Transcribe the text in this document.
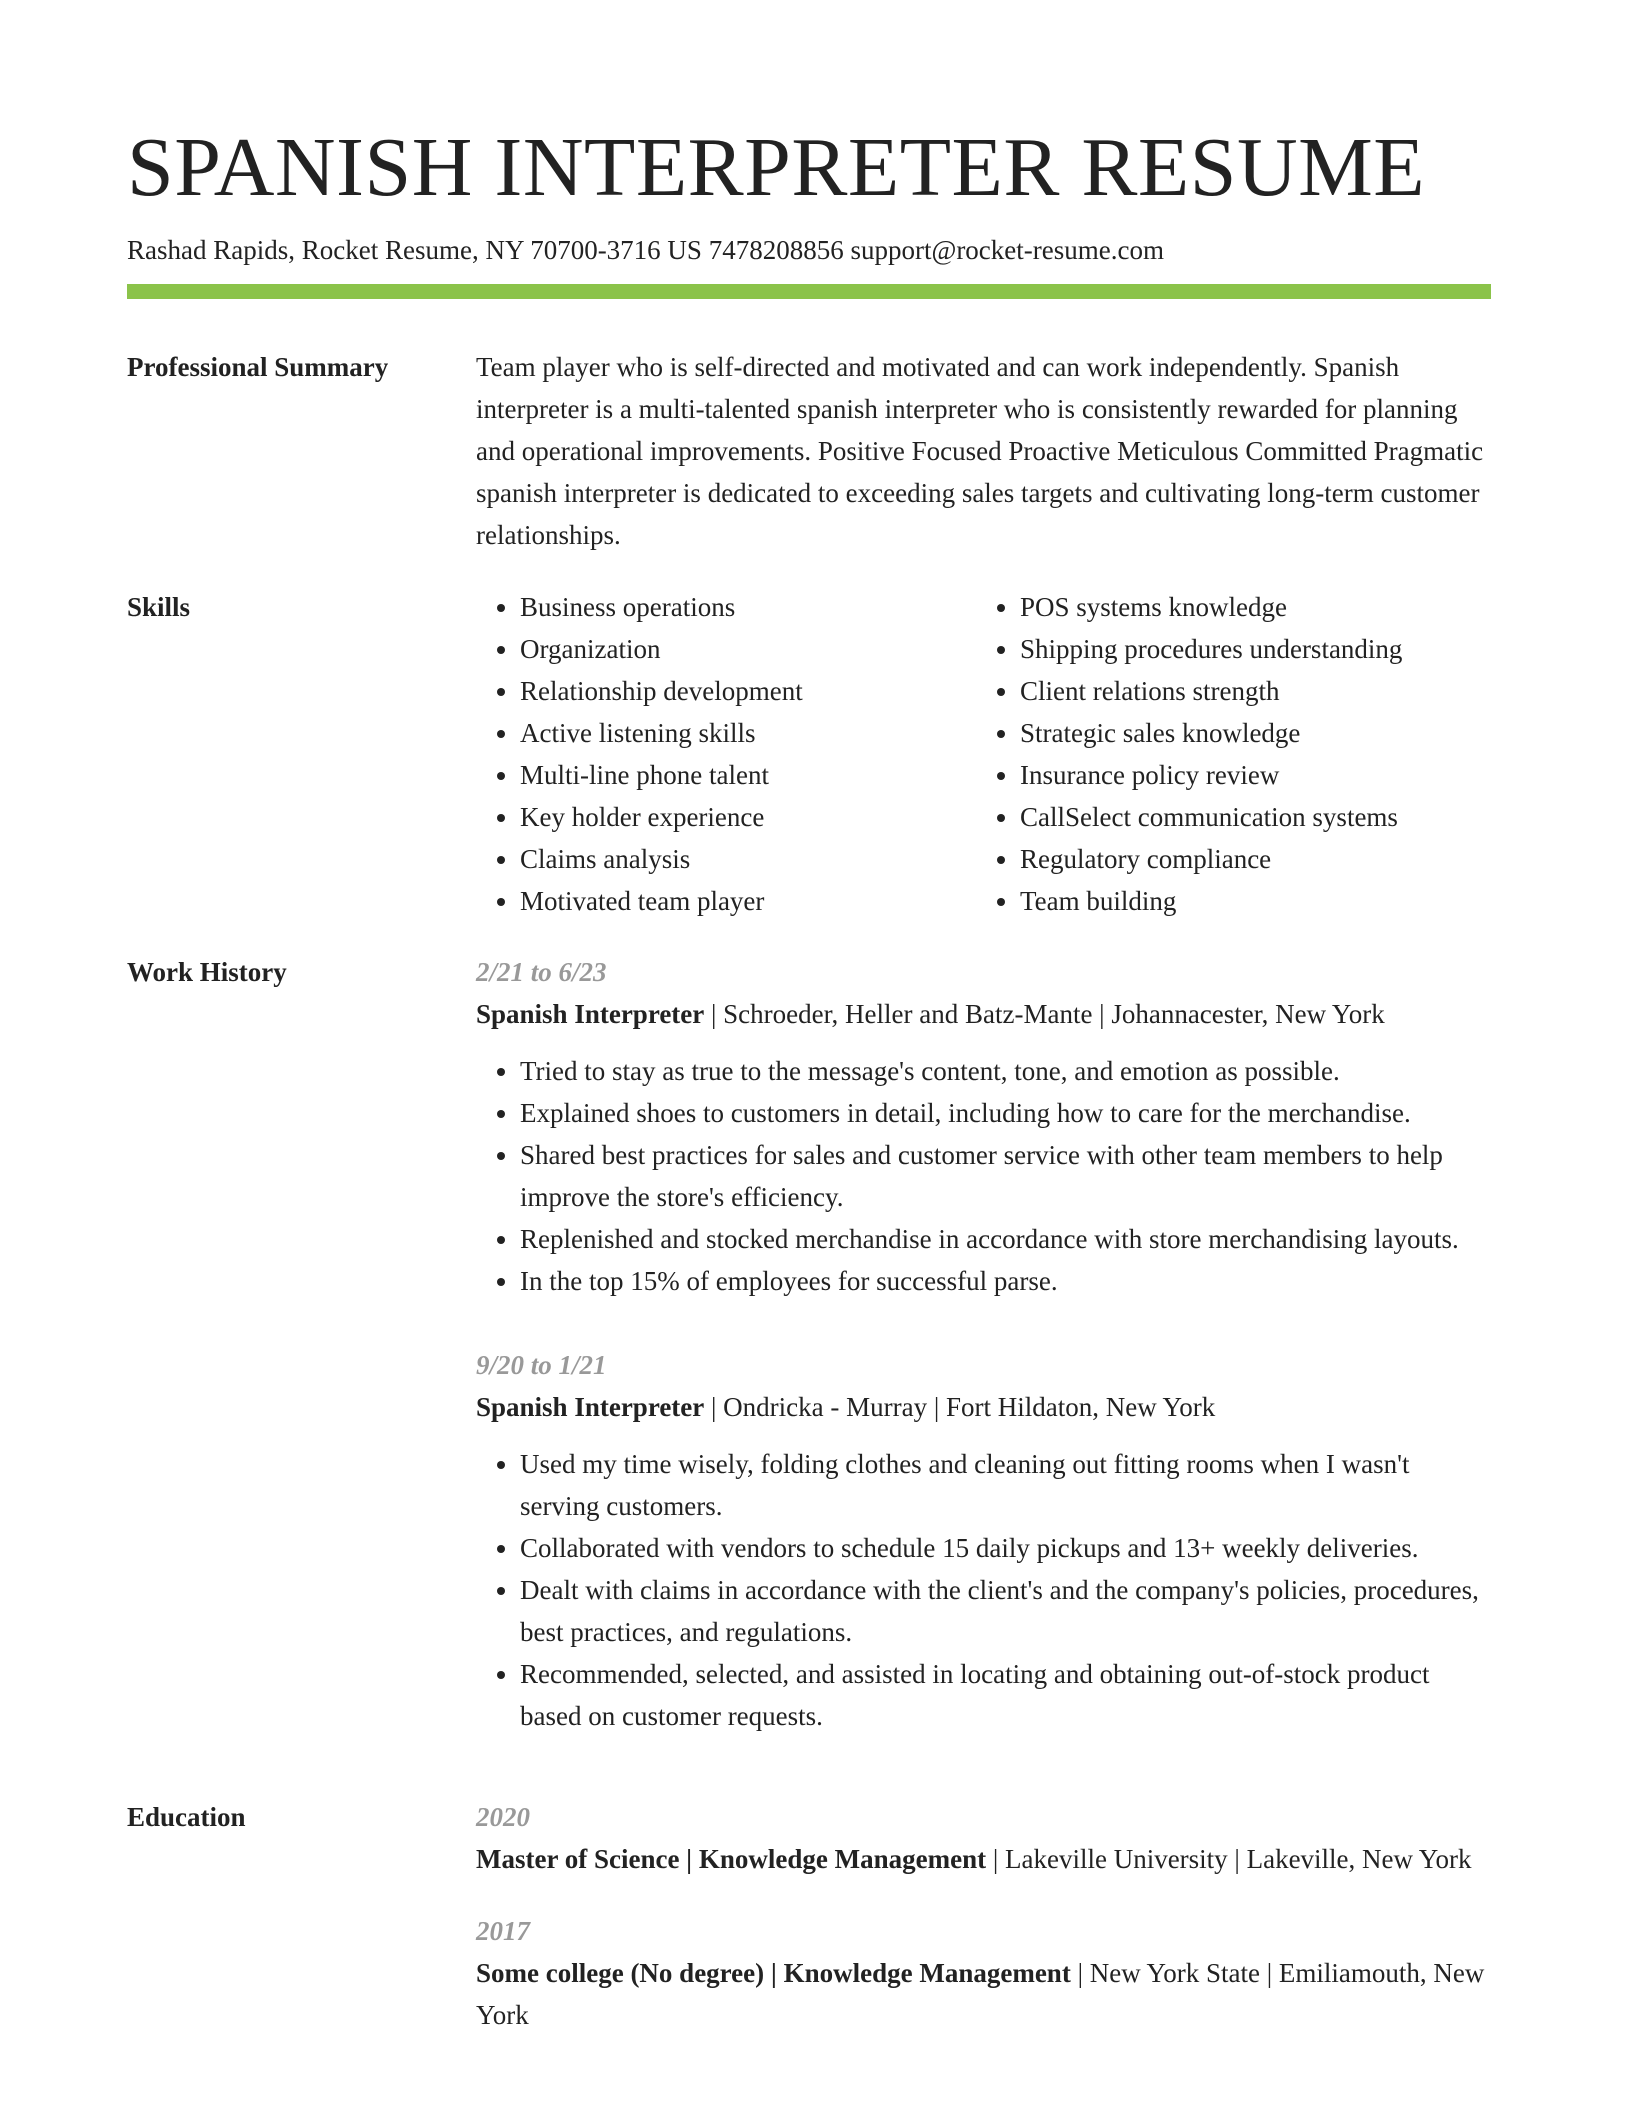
SPANISH INTERPRETER RESUME
Rashad Rapids, Rocket Resume, NY 70700-3716 US 7478208856 support@rocket-resume.com
Professional Summary	Team player who is self-directed and motivated and can work independently. Spanish interpreter is a multi-talented spanish interpreter who is consistently rewarded for planning and operational improvements. Positive Focused Proactive Meticulous Committed Pragmatic spanish interpreter is dedicated to exceeding sales targets and cultivating long-term customer relationships.

Skills
•	Business operations
• Organization
• Relationship development
• Active listening skills
• Multi-line phone talent
• Key holder experience
• Claims analysis
• Motivated team player
• POS systems knowledge
• Shipping procedures understanding
• Client relations strength
• Strategic sales knowledge
• Insurance policy review
• CallSelect communication systems
• Regulatory compliance
• Team building
Work History	2/21 to 6/23
Spanish Interpreter | Schroeder, Heller and Batz-Mante | Johannacester, New York
• Tried to stay as true to the message's content, tone, and emotion as possible.
• Explained shoes to customers in detail, including how to care for the merchandise.
• Shared best practices for sales and customer service with other team members to help improve the store's efficiency.
• Replenished and stocked merchandise in accordance with store merchandising layouts.
• In the top 15% of employees for successful parse.
9/20 to 1/21
Spanish Interpreter | Ondricka - Murray | Fort Hildaton, New York
• Used my time wisely, folding clothes and cleaning out fitting rooms when I wasn't serving customers.
• Collaborated with vendors to schedule 15 daily pickups and 13+ weekly deliveries.
• Dealt with claims in accordance with the client's and the company's policies, procedures, best practices, and regulations.
• Recommended, selected, and assisted in locating and obtaining out-of-stock product based on customer requests.
Education	2020
Master of Science | Knowledge Management | Lakeville University | Lakeville, New York
2017
Some college (No degree) | Knowledge Management | New York State | Emiliamouth, New York
